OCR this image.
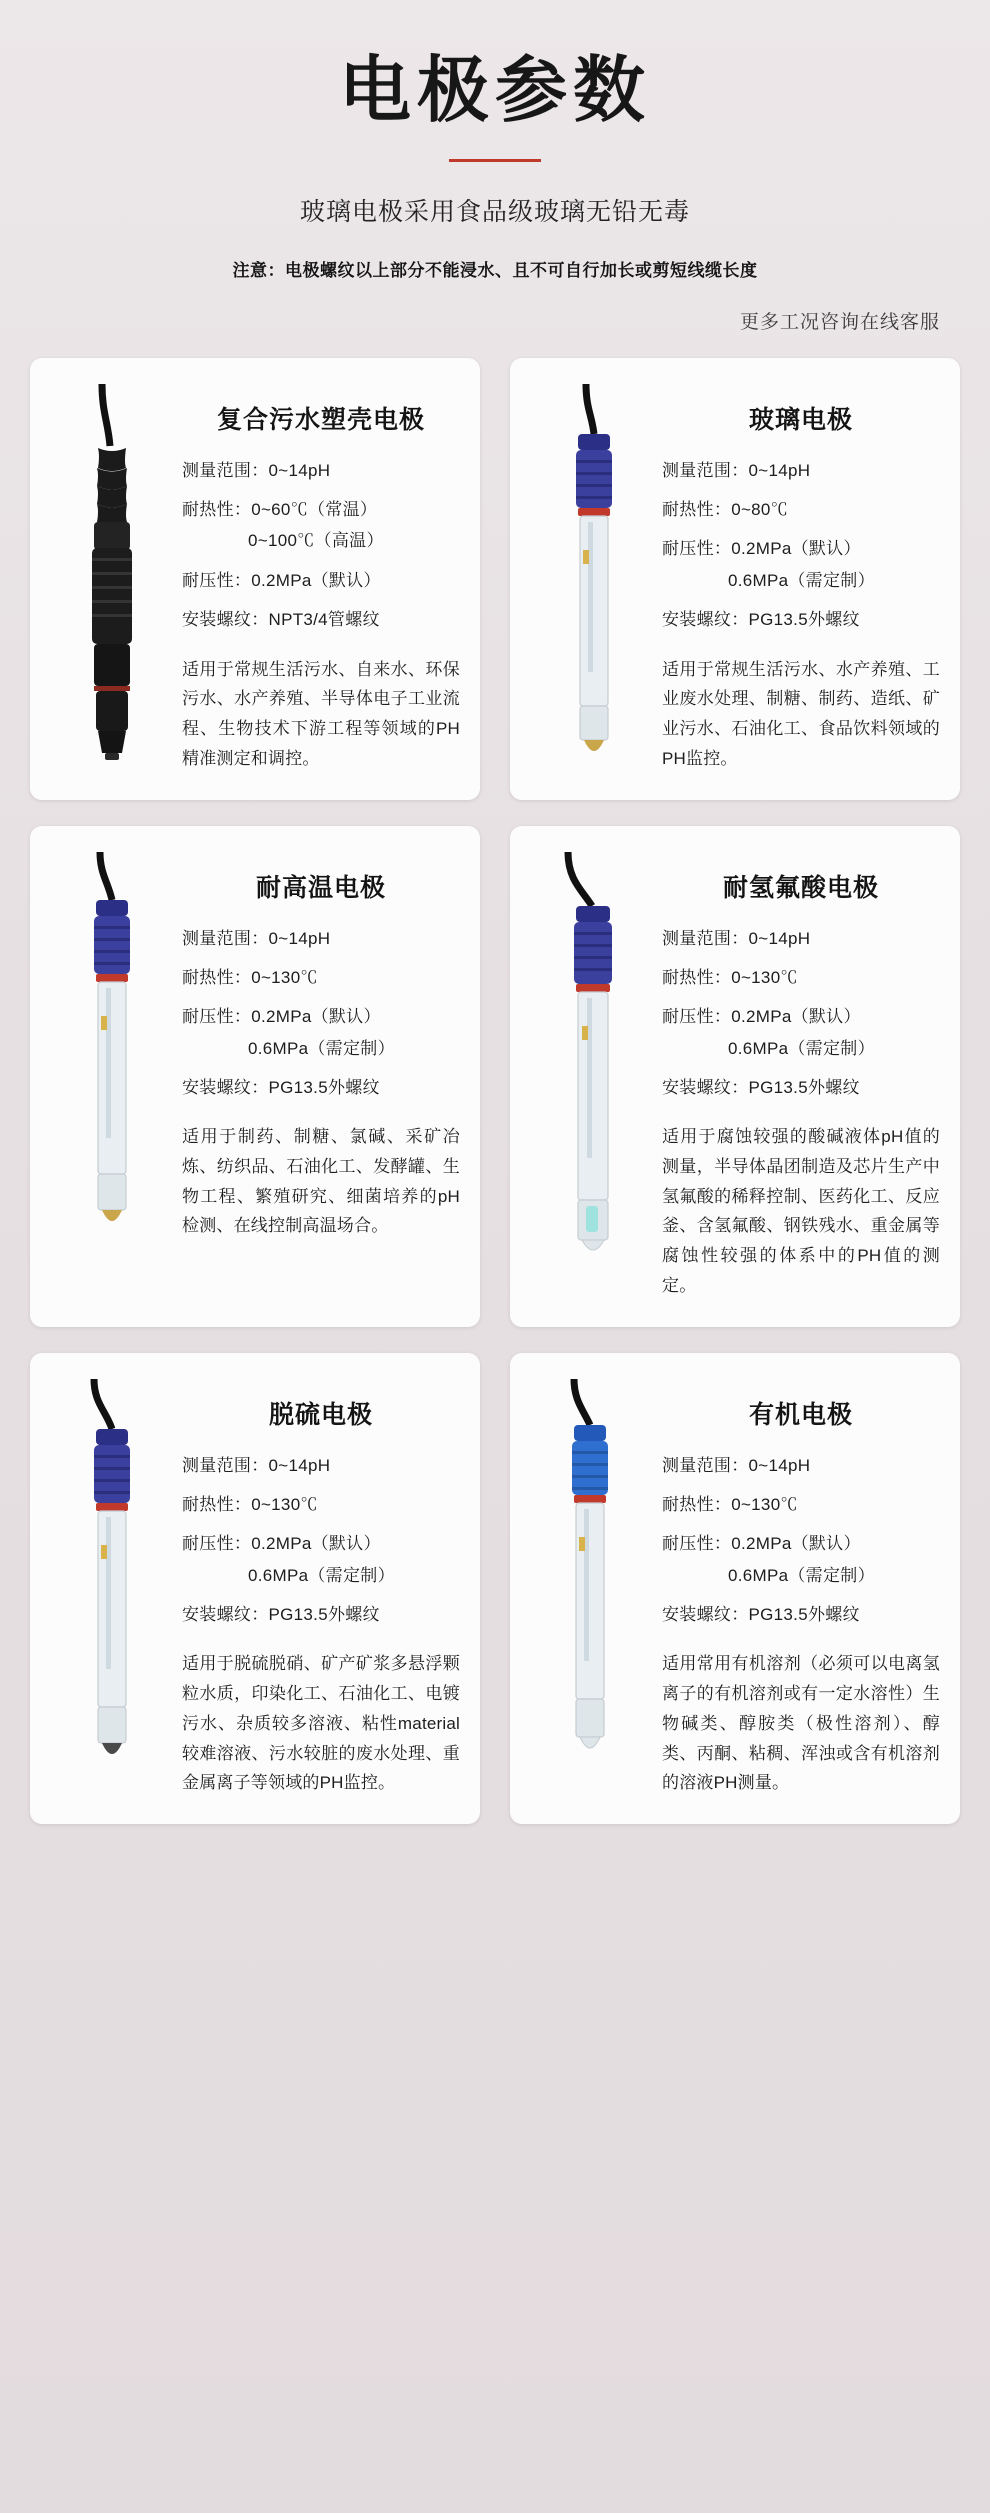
电极参数
玻璃电极采用食品级玻璃无铅无毒
注意：电极螺纹以上部分不能浸水、且不可自行加长或剪短线缆长度
更多工况咨询在线客服
复合污水塑壳电极
测量范围：0~14pH
耐热性：0~60℃（常温）
0~100℃（高温）
耐压性：0.2MPa（默认）
安装螺纹：NPT3/4管螺纹
适用于常规生活污水、自来水、环保污水、水产养殖、半导体电子工业流程、生物技术下游工程等领域的PH精准测定和调控。
玻璃电极
测量范围：0~14pH
耐热性：0~80℃
耐压性：0.2MPa（默认）
0.6MPa（需定制）
安装螺纹：PG13.5外螺纹
适用于常规生活污水、水产养殖、工业废水处理、制糖、制药、造纸、矿业污水、石油化工、食品饮料领域的PH监控。
耐高温电极
测量范围：0~14pH
耐热性：0~130℃
耐压性：0.2MPa（默认）
0.6MPa（需定制）
安装螺纹：PG13.5外螺纹
适用于制药、制糖、氯碱、采矿冶炼、纺织品、石油化工、发酵罐、生物工程、繁殖研究、细菌培养的pH检测、在线控制高温场合。
耐氢氟酸电极
测量范围：0~14pH
耐热性：0~130℃
耐压性：0.2MPa（默认）
0.6MPa（需定制）
安装螺纹：PG13.5外螺纹
适用于腐蚀较强的酸碱液体pH值的测量，半导体晶团制造及芯片生产中氢氟酸的稀释控制、医药化工、反应釜、含氢氟酸、钢铁残水、重金属等腐蚀性较强的体系中的PH值的测定。
脱硫电极
测量范围：0~14pH
耐热性：0~130℃
耐压性：0.2MPa（默认）
0.6MPa（需定制）
安装螺纹：PG13.5外螺纹
适用于脱硫脱硝、矿产矿浆多悬浮颗粒水质，印染化工、石油化工、电镀污水、杂质较多溶液、粘性material较难溶液、污水较脏的废水处理、重金属离子等领域的PH监控。
有机电极
测量范围：0~14pH
耐热性：0~130℃
耐压性：0.2MPa（默认）
0.6MPa（需定制）
安装螺纹：PG13.5外螺纹
适用常用有机溶剂（必须可以电离氢离子的有机溶剂或有一定水溶性）生物碱类、醇胺类（极性溶剂）、醇类、丙酮、粘稠、浑浊或含有机溶剂的溶液PH测量。
